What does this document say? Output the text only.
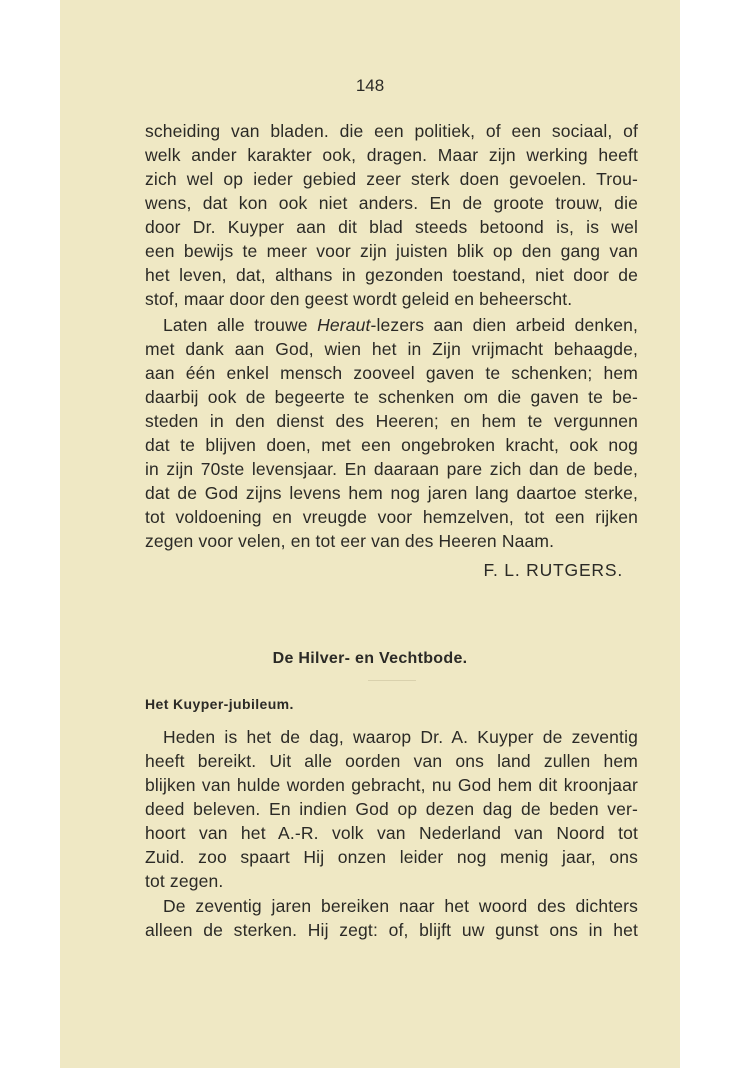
148
scheiding van bladen. die een politiek, of een sociaal, of
welk ander karakter ook, dragen. Maar zijn werking heeft
zich wel op ieder gebied zeer sterk doen gevoelen. Trou-
wens, dat kon ook niet anders. En de groote trouw, die
door Dr. Kuyper aan dit blad steeds betoond is, is wel
een bewijs te meer voor zijn juisten blik op den gang van
het leven, dat, althans in gezonden toestand, niet door de
stof, maar door den geest wordt geleid en beheerscht.
Laten alle trouwe Heraut-lezers aan dien arbeid denken,
met dank aan God, wien het in Zijn vrijmacht behaagde,
aan één enkel mensch zooveel gaven te schenken; hem
daarbij ook de begeerte te schenken om die gaven te be-
steden in den dienst des Heeren; en hem te vergunnen
dat te blijven doen, met een ongebroken kracht, ook nog
in zijn 70ste levensjaar. En daaraan pare zich dan de bede,
dat de God zijns levens hem nog jaren lang daartoe sterke,
tot voldoening en vreugde voor hemzelven, tot een rijken
zegen voor velen, en tot eer van des Heeren Naam.
F. L. RUTGERS.
De Hilver- en Vechtbode.
Het Kuyper-jubileum.
Heden is het de dag, waarop Dr. A. Kuyper de zeventig
heeft bereikt. Uit alle oorden van ons land zullen hem
blijken van hulde worden gebracht, nu God hem dit kroonjaar
deed beleven. En indien God op dezen dag de beden ver-
hoort van het A.-R. volk van Nederland van Noord tot
Zuid. zoo spaart Hij onzen leider nog menig jaar, ons
tot zegen.
De zeventig jaren bereiken naar het woord des dichters
alleen de sterken. Hij zegt: of, blijft uw gunst ons in het
